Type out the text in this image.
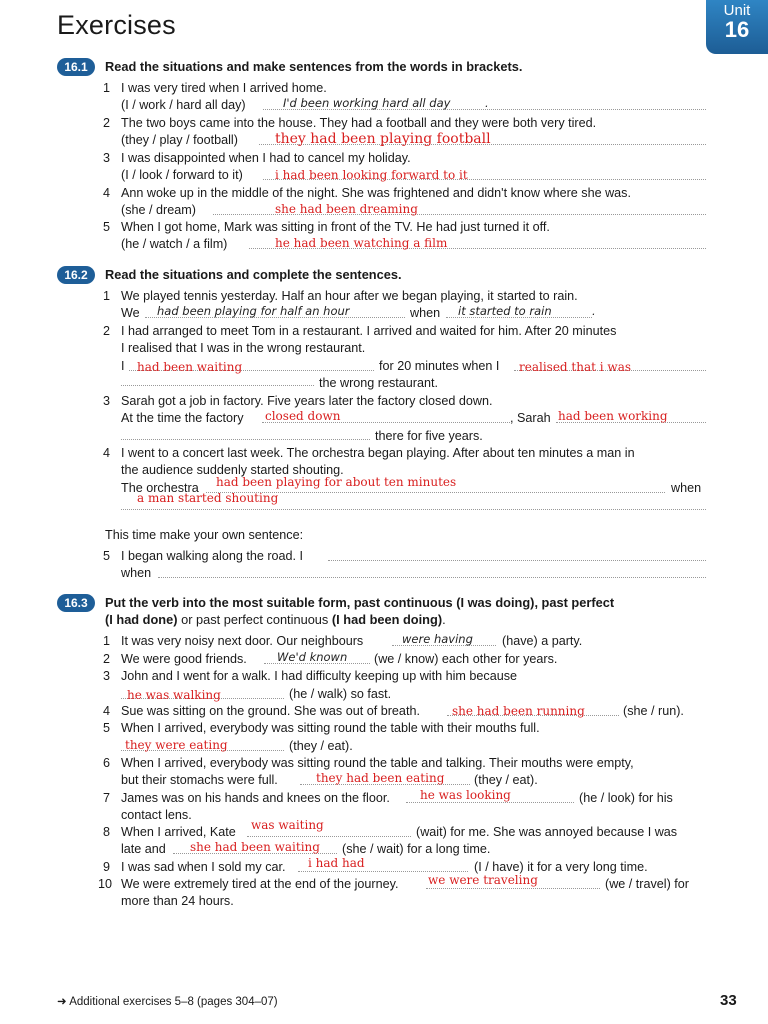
Exercises	Unit
16
16.1	Read the situations and make sentences from the words in brackets.
1 I was very tired when I arrived home.
(I / work / hard all day)	I'd been working hard all day	.
2 The two boys came into the house. They had a football and they were both very tired.
(they / play / football)	they had been playing football
3 I was disappointed when I had to cancel my holiday.
(I / look / forward to it)	i had been looking forward to it
4 Ann woke up in the middle of the night. She was frightened and didn't know where she was.
(she / dream)	she had been dreaming
5 When I got home, Mark was sitting in front of the TV. He had just turned it off.
(he / watch / a film)	he had been watching a film
16.2	Read the situations and complete the sentences.
1 We played tennis yesterday. Half an hour after we began playing, it started to rain.
We had been playing for half an hour	when it started to rain	.
2 I had arranged to meet Tom in a restaurant. I arrived and waited for him. After 20 minutes
I realised that I was in the wrong restaurant.
I had been waiting	for 20 minutes when I realised that i was
the wrong restaurant.
3 Sarah got a job in factory. Five years later the factory closed down.
At the time the factory closed down	, Sarah had been working
there for five years.
4 I went to a concert last week. The orchestra began playing. After about ten minutes a man in
the audience suddenly started shouting.
The orchestra had been playing for about ten minutes	when
a man started shouting
This time make your own sentence:
5 I began walking along the road. I
when
16.3	Put the verb into the most suitable form, past continuous (I was doing), past perfect
(I had done) or past perfect continuous (I had been doing).
1 It was very noisy next door. Our neighbours	were having (have) a party.
2 We were good friends.	We'd known (we / know) each other for years.
3 John and I went for a walk. I had difficulty keeping up with him because
he was walking	(he / walk) so fast.
4 Sue was sitting on the ground. She was out of breath.	she had been running	(she / run).
5 When I arrived, everybody was sitting round the table with their mouths full.
they were eating	(they / eat).
6 When I arrived, everybody was sitting round the table and talking. Their mouths were empty,
but their stomachs were full.	they had been eating (they / eat).
7 James was on his hands and knees on the floor.	he was looking	(he / look) for his
contact lens.
8 When I arrived, Kate was waiting	(wait) for me. She was annoyed because I was
late and she had been waiting (she / wait) for a long time.
9 I was sad when I sold my car. i had had	(I / have) it for a very long time.
10 We were extremely tired at the end of the journey. we were traveling	(we / travel) for
more than 24 hours.
➜ Additional exercises 5–8 (pages 304–07)	33
